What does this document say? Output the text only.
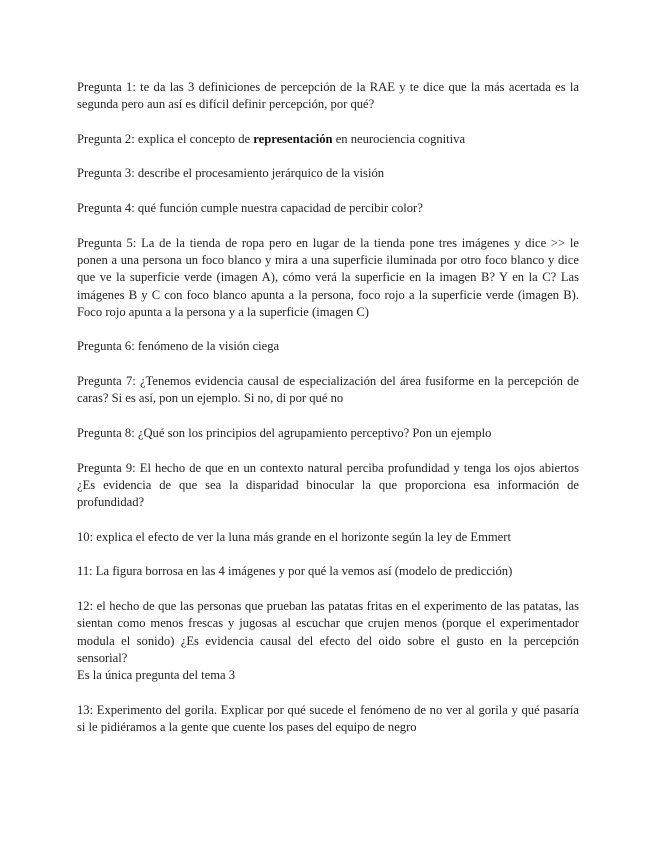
Pregunta 1: te da las 3 definiciones de percepción de la RAE y te dice que la más acertada es la segunda pero aun así es difícil definir percepción, por qué?

Pregunta 2: explica el concepto de representación en neurociencia cognitiva

Pregunta 3: describe el procesamiento jerárquico de la visión

Pregunta 4: qué función cumple nuestra capacidad de percibir color?

Pregunta 5: La de la tienda de ropa pero en lugar de la tienda pone tres imágenes y dice >> le ponen a una persona un foco blanco y mira a una superficie iluminada por otro foco blanco y dice que ve la superficie verde (imagen A), cómo verá la superficie en la imagen B? Y en la C? Las imágenes B y C con foco blanco apunta a la persona, foco rojo a la superficie verde (imagen B). Foco rojo apunta a la persona y a la superficie (imagen C)

Pregunta 6: fenómeno de la visión ciega

Pregunta 7: ¿Tenemos evidencia causal de especialización del área fusiforme en la percepción de caras? Si es así, pon un ejemplo. Si no, di por qué no

Pregunta 8: ¿Qué son los principios del agrupamiento perceptivo? Pon un ejemplo

Pregunta 9: El hecho de que en un contexto natural perciba profundidad y tenga los ojos abiertos ¿Es evidencia de que sea la disparidad binocular la que proporciona esa información de profundidad?

10: explica el efecto de ver la luna más grande en el horizonte según la ley de Emmert

11: La figura borrosa en las 4 imágenes y por qué la vemos así (modelo de predicción)

12: el hecho de que las personas que prueban las patatas fritas en el experimento de las patatas, las sientan como menos frescas y jugosas al escuchar que crujen menos (porque el experimentador modula el sonido) ¿Es evidencia causal del efecto del oido sobre el gusto en la percepción sensorial?
Es la única pregunta del tema 3

13: Experimento del gorila. Explicar por qué sucede el fenómeno de no ver al gorila y qué pasaría si le pidiéramos a la gente que cuente los pases del equipo de negro
